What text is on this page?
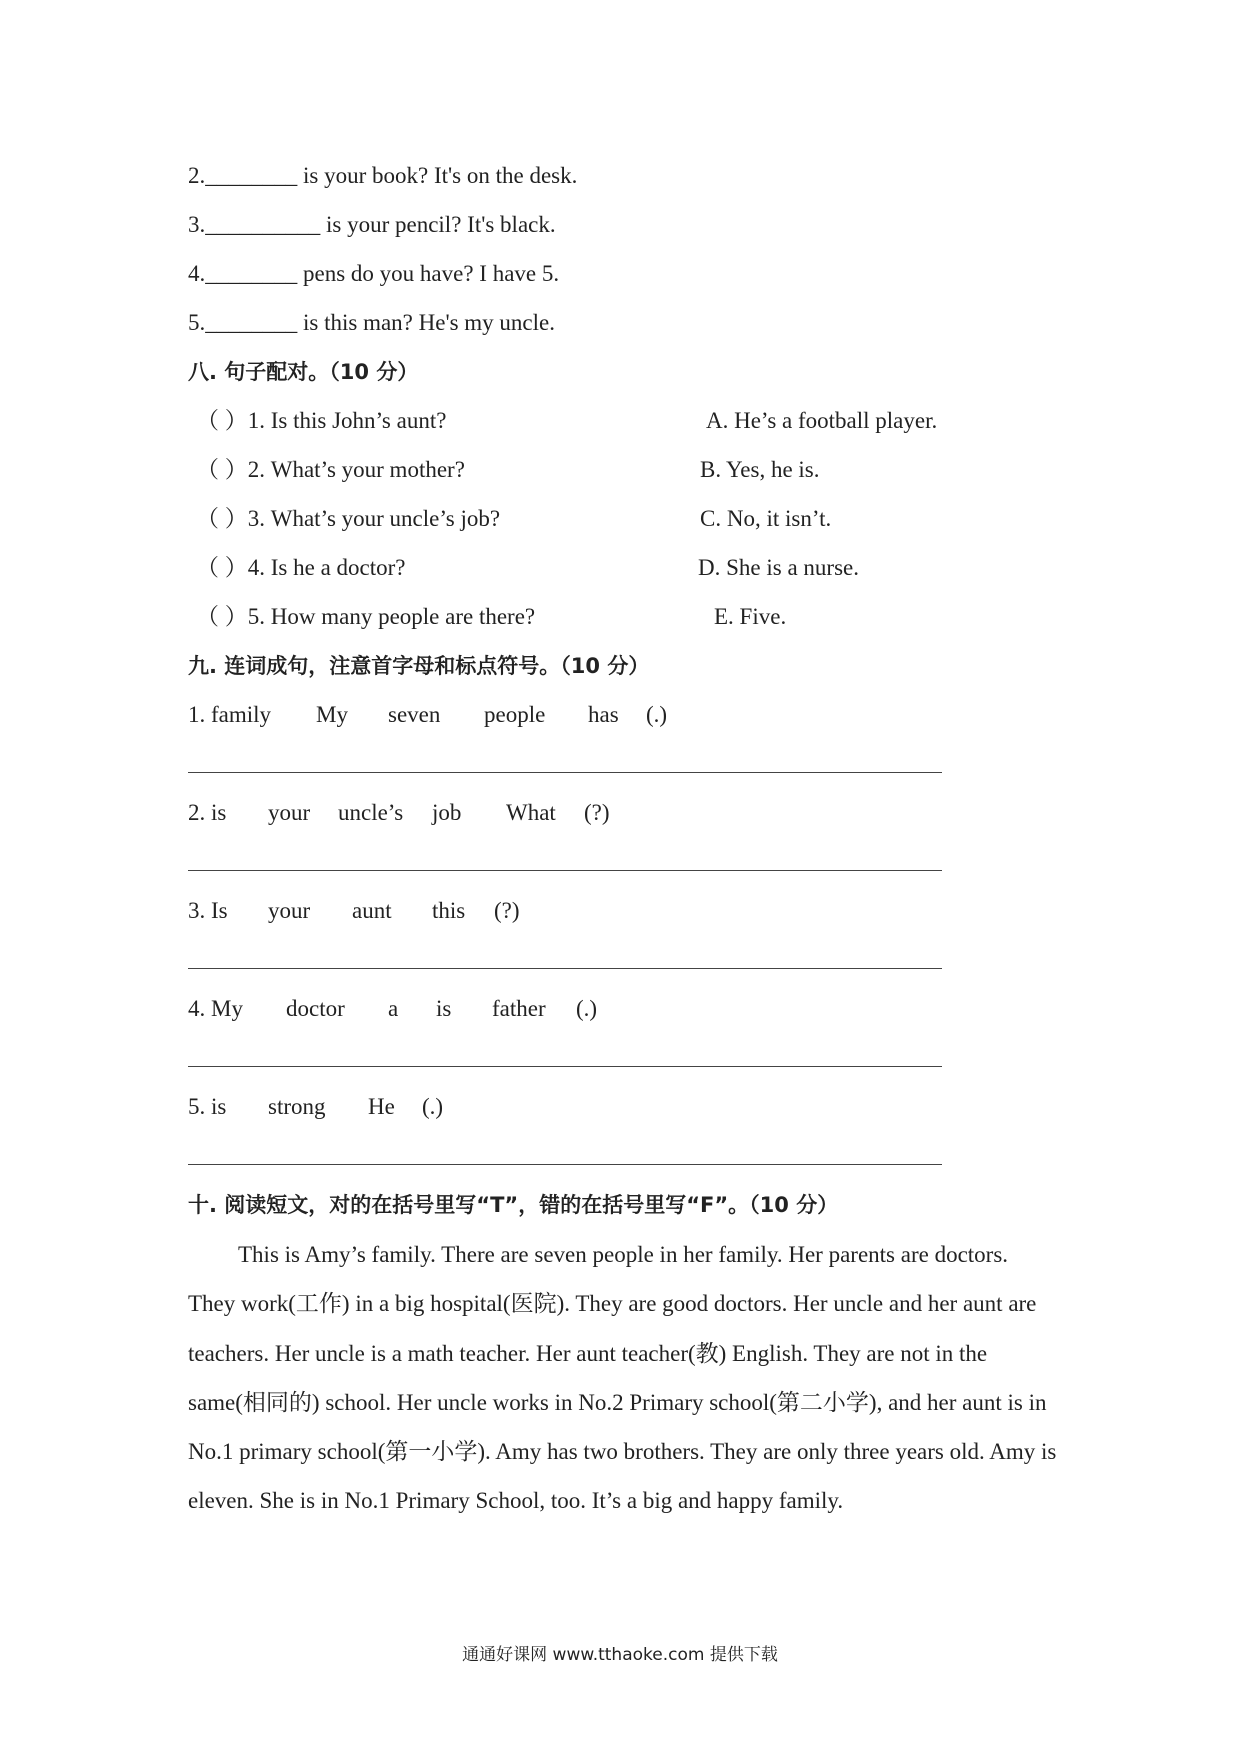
2.________ is your book? It's on the desk.
3.__________ is your pencil? It's black.
4.________ pens do you have? I have 5.
5.________ is this man? He's my uncle.
八. 句子配对。（10 分）
（ ）1. Is this John’s aunt?
（ ）2. What’s your mother?
（ ）3. What’s your uncle’s job?
（ ）4. Is he a doctor?
（ ）5. How many people are there?
A. He’s a football player.
B. Yes, he is.
C. No, it isn’t.
D. She is a nurse.
E. Five.
九. 连词成句，注意首字母和标点符号。（10 分）
1. family My seven people has (.)
2. is your uncle’s job What (?)
3. Is your aunt this (?)
4. My doctor a is father (.)
5. is strong He (.)
十. 阅读短文，对的在括号里写“T”，错的在括号里写“F”。（10 分）

This is Amy’s family. There are seven people in her family. Her parents are doctors. They work(工作) in a big hospital(医院). They are good doctors. Her uncle and her aunt are teachers. Her uncle is a math teacher. Her aunt teacher(教) English. They are not in the same(相同的) school. Her uncle works in No.2 Primary school(第二小学), and her aunt is in No.1 primary school(第一小学). Amy has two brothers. They are only three years old. Amy is eleven. She is in No.1 Primary School, too. It’s a big and happy family.

通通好课网 www.tthaoke.com 提供下载
